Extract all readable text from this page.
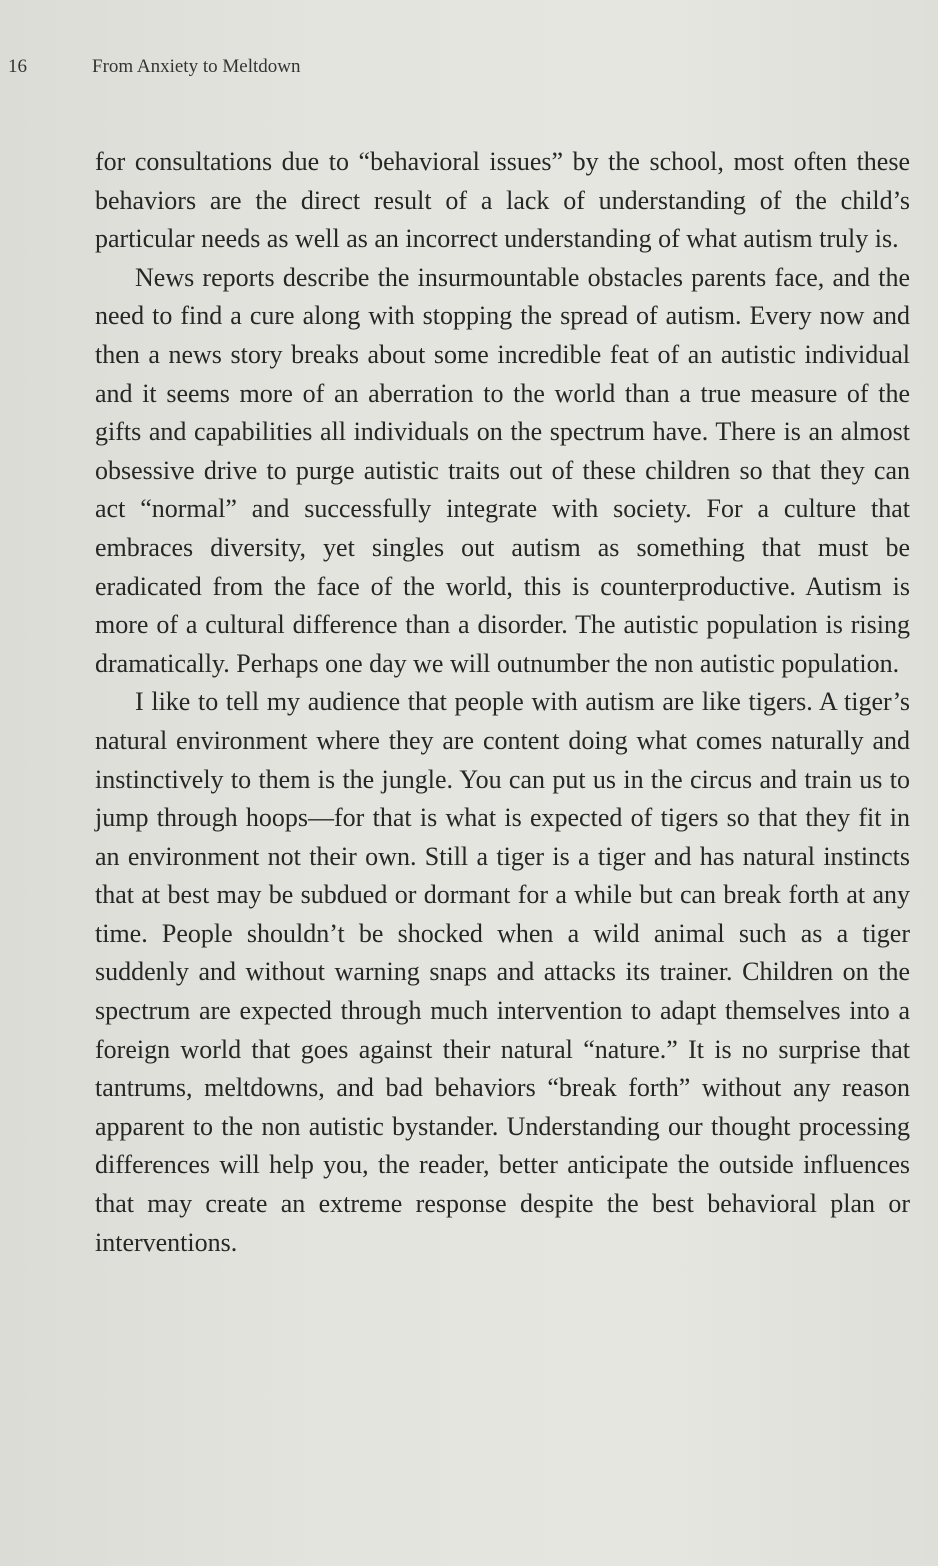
16	From Anxiety to Meltdown

for consultations due to “behavioral issues” by the school, most often these behaviors are the direct result of a lack of understanding of the child’s particular needs as well as an incorrect understanding of what autism truly is.

News reports describe the insurmountable obstacles parents face, and the need to find a cure along with stopping the spread of autism. Every now and then a news story breaks about some incredible feat of an autistic individual and it seems more of an aberration to the world than a true measure of the gifts and capabilities all individuals on the spectrum have. There is an almost obsessive drive to purge autistic traits out of these children so that they can act “normal” and successfully integrate with society. For a culture that embraces diversity, yet singles out autism as something that must be eradicated from the face of the world, this is counterproductive. Autism is more of a cultural difference than a disorder. The autistic population is rising dramatically. Perhaps one day we will outnumber the non autistic population.

I like to tell my audience that people with autism are like tigers. A tiger’s natural environment where they are content doing what comes naturally and instinctively to them is the jungle. You can put us in the circus and train us to jump through hoops—for that is what is expected of tigers so that they fit in an environment not their own. Still a tiger is a tiger and has natural instincts that at best may be subdued or dormant for a while but can break forth at any time. People shouldn’t be shocked when a wild animal such as a tiger suddenly and without warning snaps and attacks its trainer. Children on the spectrum are expected through much intervention to adapt themselves into a foreign world that goes against their natural “nature.” It is no surprise that tantrums, meltdowns, and bad behaviors “break forth” without any reason apparent to the non autistic bystander. Understanding our thought processing differences will help you, the reader, better anticipate the outside influences that may create an extreme response despite the best behavioral plan or interventions.
